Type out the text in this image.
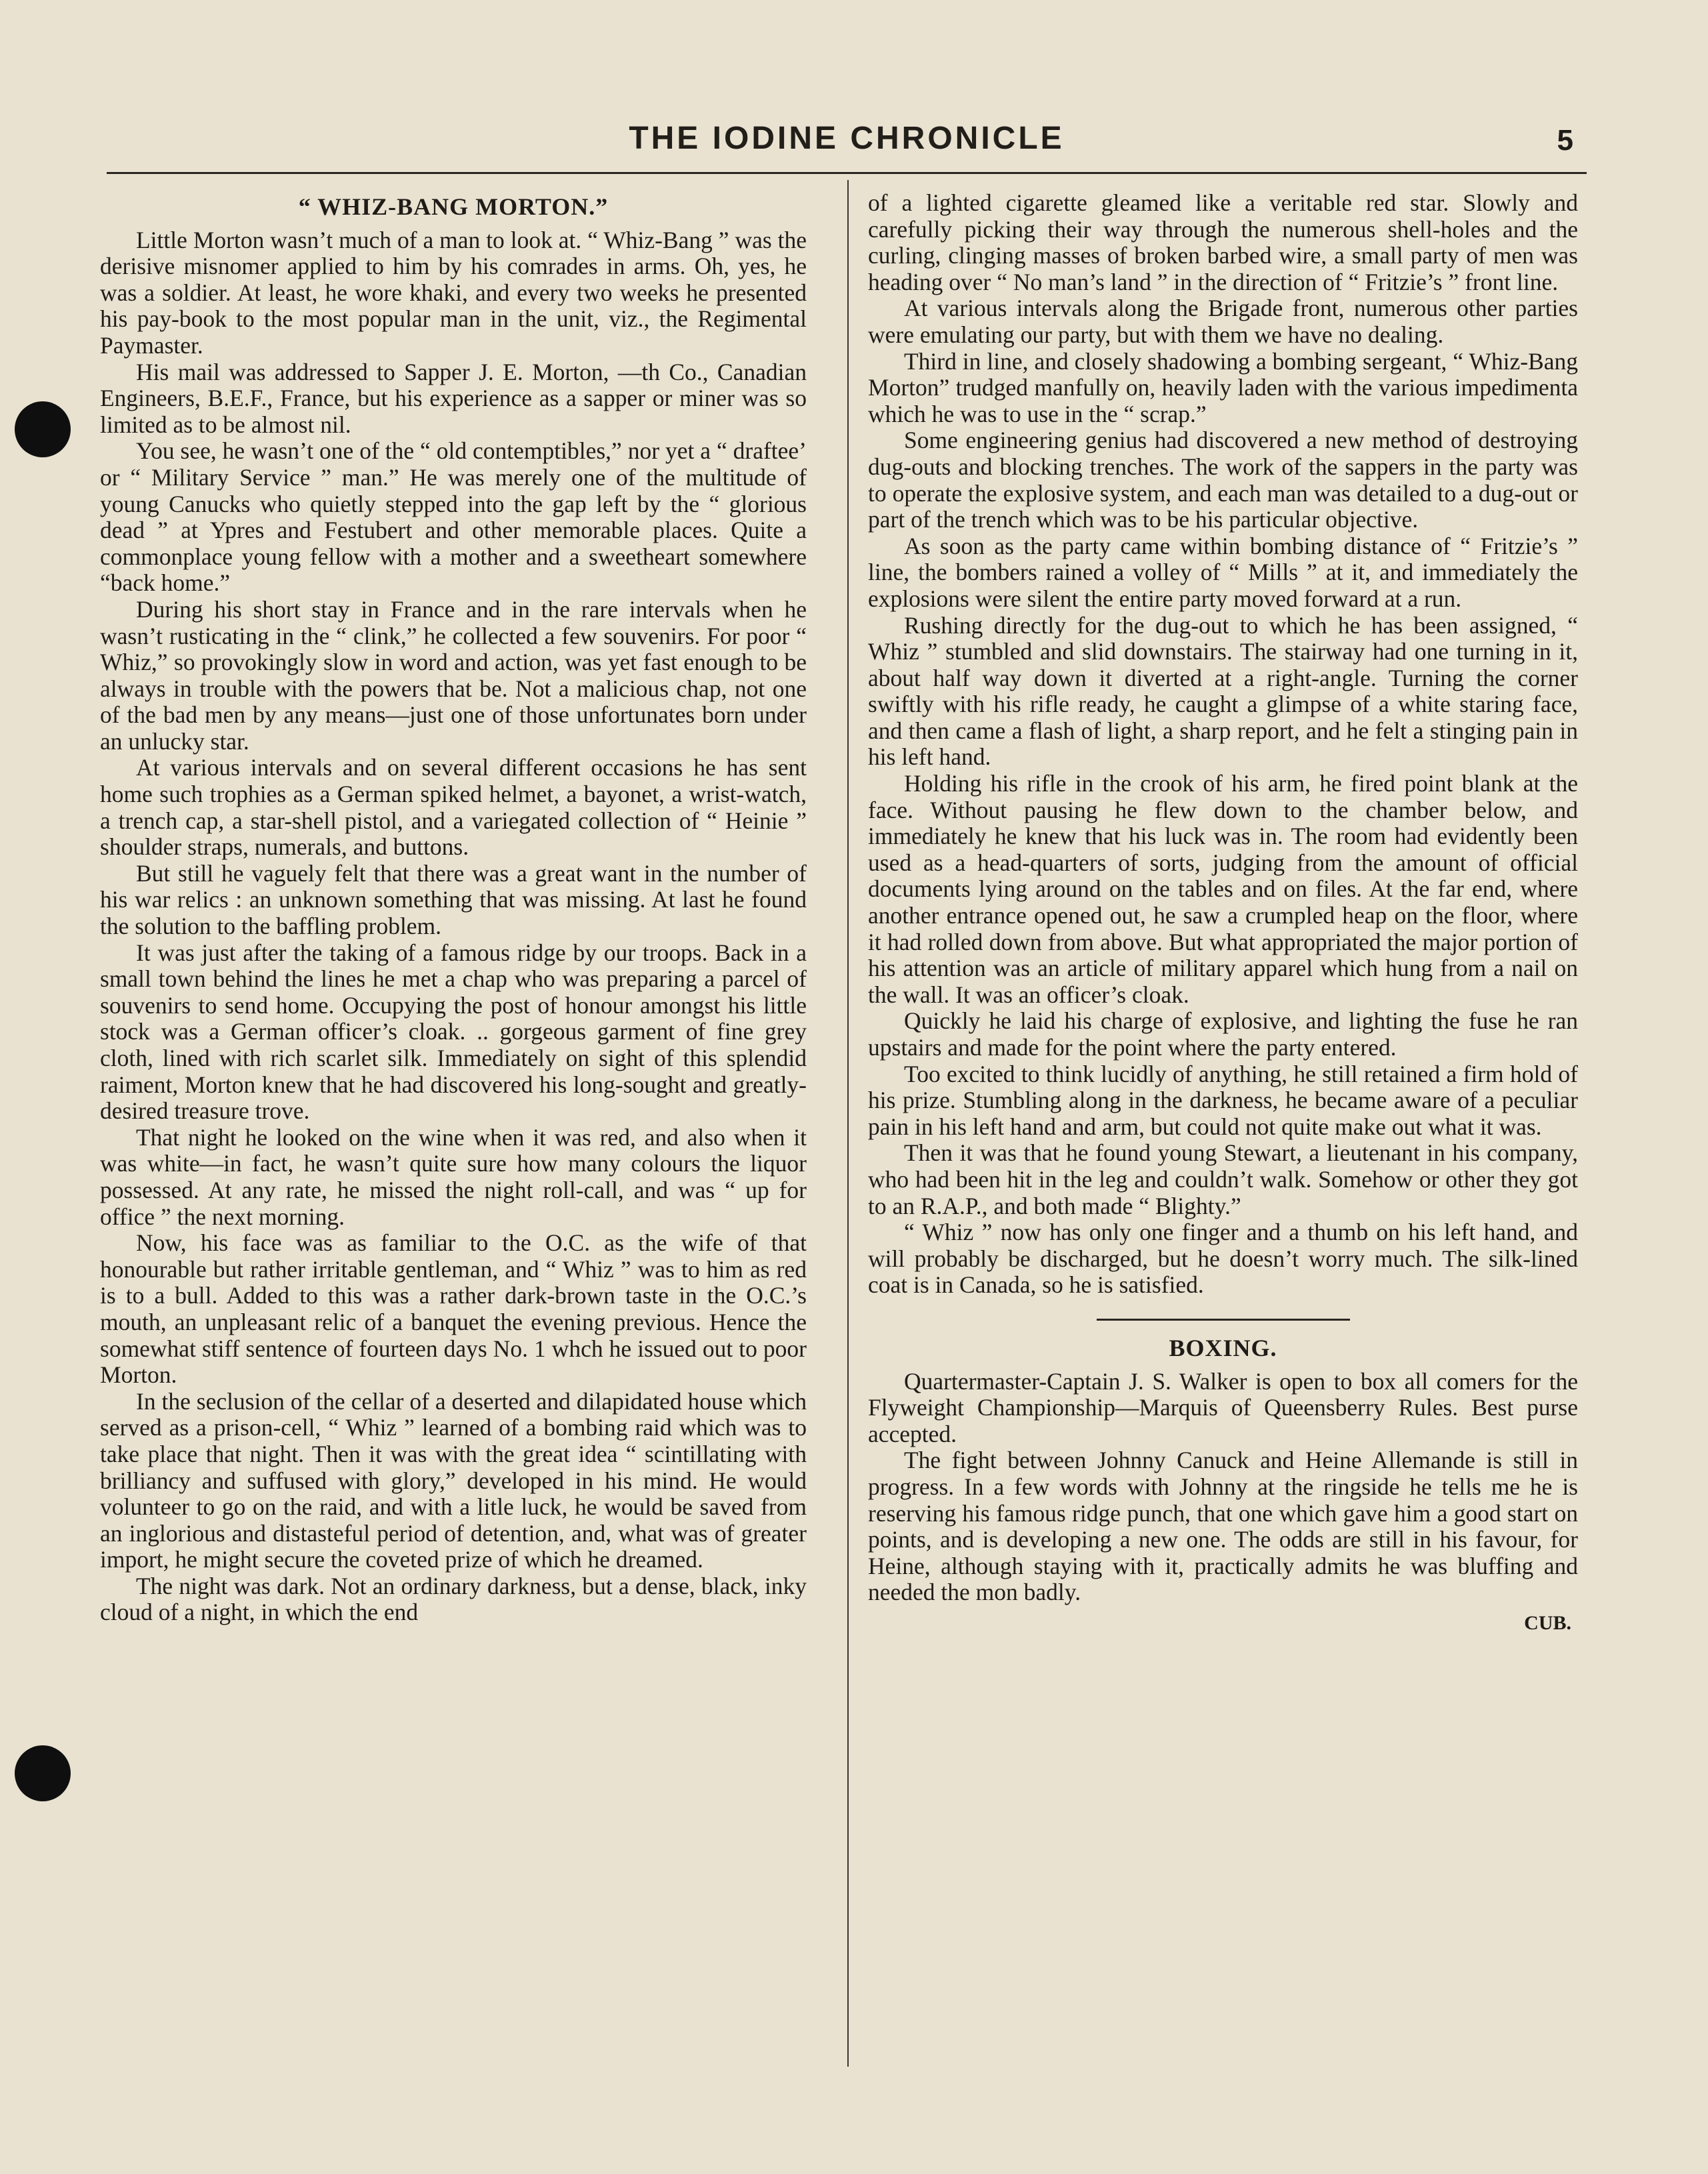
THE IODINE CHRONICLE	5
“ WHIZ-BANG MORTON.”

Little Morton wasn’t much of a man to look at. “ Whiz-Bang ” was the derisive misnomer applied to him by his comrades in arms. Oh, yes, he was a soldier. At least, he wore khaki, and every two weeks he presented his pay-book to the most popular man in the unit, viz., the Regimental Paymaster.

His mail was addressed to Sapper J. E. Morton, —th Co., Canadian Engineers, B.E.F., France, but his experience as a sapper or miner was so limited as to be almost nil.

You see, he wasn’t one of the “ old contemptibles,” nor yet a “ draftee’ or “ Military Service ” man.” He was merely one of the multitude of young Canucks who quietly stepped into the gap left by the “ glorious dead ” at Ypres and Festubert and other memorable places. Quite a commonplace young fellow with a mother and a sweetheart somewhere “back home.”

During his short stay in France and in the rare intervals when he wasn’t rusticating in the “ clink,” he collected a few souvenirs. For poor “ Whiz,” so provokingly slow in word and action, was yet fast enough to be always in trouble with the powers that be. Not a malicious chap, not one of the bad men by any means—just one of those unfortunates born under an unlucky star.

At various intervals and on several different occasions he has sent home such trophies as a German spiked helmet, a bayonet, a wrist-watch, a trench cap, a star-shell pistol, and a variegated collection of “ Heinie ” shoulder straps, numerals, and buttons.

But still he vaguely felt that there was a great want in the number of his war relics : an unknown something that was missing. At last he found the solution to the baffling problem.

It was just after the taking of a famous ridge by our troops. Back in a small town behind the lines he met a chap who was preparing a parcel of souvenirs to send home. Occupying the post of honour amongst his little stock was a German officer’s cloak. .. gorgeous garment of fine grey cloth, lined with rich scarlet silk. Immediately on sight of this splendid raiment, Morton knew that he had discovered his long-sought and greatly-desired treasure trove.

That night he looked on the wine when it was red, and also when it was white—in fact, he wasn’t quite sure how many colours the liquor possessed. At any rate, he missed the night roll-call, and was “ up for office ” the next morning.

Now, his face was as familiar to the O.C. as the wife of that honourable but rather irritable gentleman, and “ Whiz ” was to him as red is to a bull. Added to this was a rather dark-brown taste in the O.C.’s mouth, an unpleasant relic of a banquet the evening previous. Hence the somewhat stiff sentence of fourteen days No. 1 whch he issued out to poor Morton.

In the seclusion of the cellar of a deserted and dilapidated house which served as a prison-cell, “ Whiz ” learned of a bombing raid which was to take place that night. Then it was with the great idea “ scintillating with brilliancy and suffused with glory,” developed in his mind. He would volunteer to go on the raid, and with a litle luck, he would be saved from an inglorious and distasteful period of detention, and, what was of greater import, he might secure the coveted prize of which he dreamed.

The night was dark. Not an ordinary darkness, but a dense, black, inky cloud of a night, in which the end

of a lighted cigarette gleamed like a veritable red star. Slowly and carefully picking their way through the numerous shell-holes and the curling, clinging masses of broken barbed wire, a small party of men was heading over “ No man’s land ” in the direction of “ Fritzie’s ” front line.

At various intervals along the Brigade front, numerous other parties were emulating our party, but with them we have no dealing.

Third in line, and closely shadowing a bombing sergeant, “ Whiz-Bang Morton” trudged manfully on, heavily laden with the various impedimenta which he was to use in the “ scrap.”

Some engineering genius had discovered a new method of destroying dug-outs and blocking trenches. The work of the sappers in the party was to operate the explosive system, and each man was detailed to a dug-out or part of the trench which was to be his particular objective.

As soon as the party came within bombing distance of “ Fritzie’s ” line, the bombers rained a volley of “ Mills ” at it, and immediately the explosions were silent the entire party moved forward at a run.

Rushing directly for the dug-out to which he has been assigned, “ Whiz ” stumbled and slid downstairs. The stairway had one turning in it, about half way down it diverted at a right-angle. Turning the corner swiftly with his rifle ready, he caught a glimpse of a white staring face, and then came a flash of light, a sharp report, and he felt a stinging pain in his left hand.

Holding his rifle in the crook of his arm, he fired point blank at the face. Without pausing he flew down to the chamber below, and immediately he knew that his luck was in. The room had evidently been used as a head-quarters of sorts, judging from the amount of official documents lying around on the tables and on files. At the far end, where another entrance opened out, he saw a crumpled heap on the floor, where it had rolled down from above. But what appropriated the major portion of his attention was an article of military apparel which hung from a nail on the wall. It was an officer’s cloak.

Quickly he laid his charge of explosive, and lighting the fuse he ran upstairs and made for the point where the party entered.

Too excited to think lucidly of anything, he still retained a firm hold of his prize. Stumbling along in the darkness, he became aware of a peculiar pain in his left hand and arm, but could not quite make out what it was.

Then it was that he found young Stewart, a lieutenant in his company, who had been hit in the leg and couldn’t walk. Somehow or other they got to an R.A.P., and both made “ Blighty.”

“ Whiz ” now has only one finger and a thumb on his left hand, and will probably be discharged, but he doesn’t worry much. The silk-lined coat is in Canada, so he is satisfied.

BOXING.

Quartermaster-Captain J. S. Walker is open to box all comers for the Flyweight Championship—Marquis of Queensberry Rules. Best purse accepted.

The fight between Johnny Canuck and Heine Allemande is still in progress. In a few words with Johnny at the ringside he tells me he is reserving his famous ridge punch, that one which gave him a good start on points, and is developing a new one. The odds are still in his favour, for Heine, although staying with it, practically admits he was bluffing and needed the mon badly.

CUB.
